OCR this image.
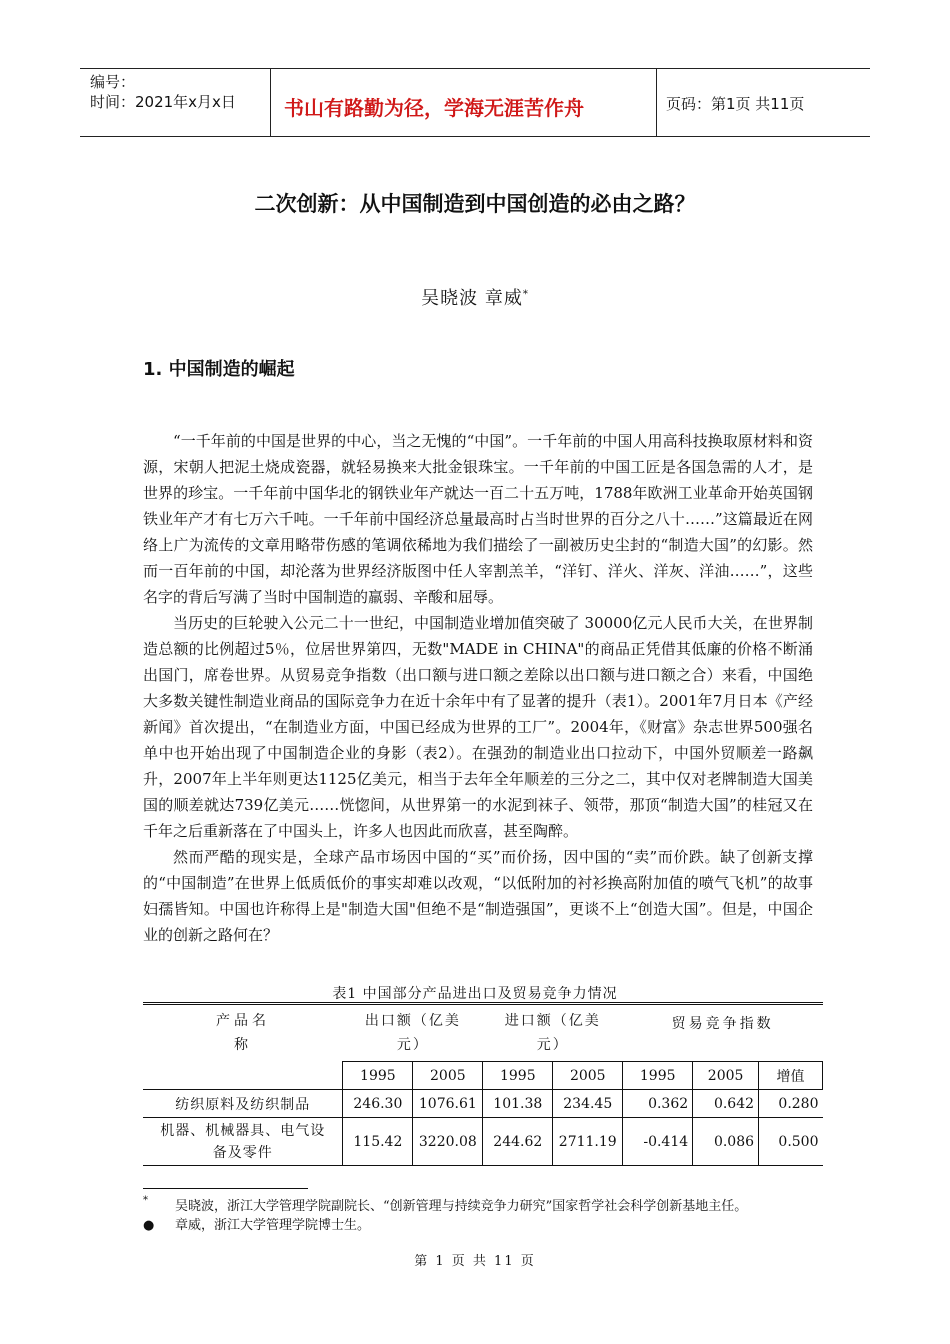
编号：
时间：2021年x月x日 书山有路勤为径，学海无涯苦作舟	页码：第1页 共11页
二次创新：从中国制造到中国创造的必由之路？
吴晓波 章威*
1. 中国制造的崛起

“一千年前的中国是世界的中心，当之无愧的“中国”。一千年前的中国人用高科技换取原材料和资源，宋朝人把泥土烧成瓷器，就轻易换来大批金银珠宝。一千年前的中国工匠是各国急需的人才，是世界的珍宝。一千年前中国华北的钢铁业年产就达一百二十五万吨，1788年欧洲工业革命开始英国钢铁业年产才有七万六千吨。一千年前中国经济总量最高时占当时世界的百分之八十……”这篇最近在网络上广为流传的文章用略带伤感的笔调依稀地为我们描绘了一副被历史尘封的“制造大国”的幻影。然而一百年前的中国，却沦落为世界经济版图中任人宰割羔羊，“洋钉、洋火、洋灰、洋油……”，这些名字的背后写满了当时中国制造的羸弱、辛酸和屈辱。

当历史的巨轮驶入公元二十一世纪，中国制造业增加值突破了 30000亿元人民币大关，在世界制造总额的比例超过5％，位居世界第四，无数"MADE in CHINA"的商品正凭借其低廉的价格不断涌出国门，席卷世界。从贸易竞争指数（出口额与进口额之差除以出口额与进口额之合）来看，中国绝大多数关键性制造业商品的国际竞争力在近十余年中有了显著的提升（表1）。2001年7月日本《产经新闻》首次提出，“在制造业方面，中国已经成为世界的工厂”。2004年，《财富》杂志世界500强名单中也开始出现了中国制造企业的身影（表2）。在强劲的制造业出口拉动下，中国外贸顺差一路飙升，2007年上半年则更达1125亿美元，相当于去年全年顺差的三分之二，其中仅对老牌制造大国美国的顺差就达739亿美元……恍惚间，从世界第一的水泥到袜子、领带，那顶“制造大国”的桂冠又在千年之后重新落在了中国头上，许多人也因此而欣喜，甚至陶醉。

然而严酷的现实是，全球产品市场因中国的“买”而价扬，因中国的“卖”而价跌。缺了创新支撑的“中国制造”在世界上低质低价的事实却难以改观，“以低附加的衬衫换高附加值的喷气飞机”的故事妇孺皆知。中国也许称得上是"制造大国"但绝不是“制造强国”，更谈不上“创造大国”。但是，中国企业的创新之路何在？

表1 中国部分产品进出口及贸易竞争力情况
产品名称	出口额（亿美元）		进口额（亿美元）		贸易竞争指数		
	1995	2005	1995	2005	1995	2005	增值
纺织原料及纺织制品	246.30	1076.61	101.38	234.45	0.362	0.642	0.280
机器、机械器具、电气设备及零件	115.42	3220.08	244.62	2711.19	-0.414	0.086	0.500
* 吴晓波，浙江大学管理学院副院长、“创新管理与持续竞争力研究”国家哲学社会科学创新基地主任。
● 章威，浙江大学管理学院博士生。
第 1 页 共 11 页
